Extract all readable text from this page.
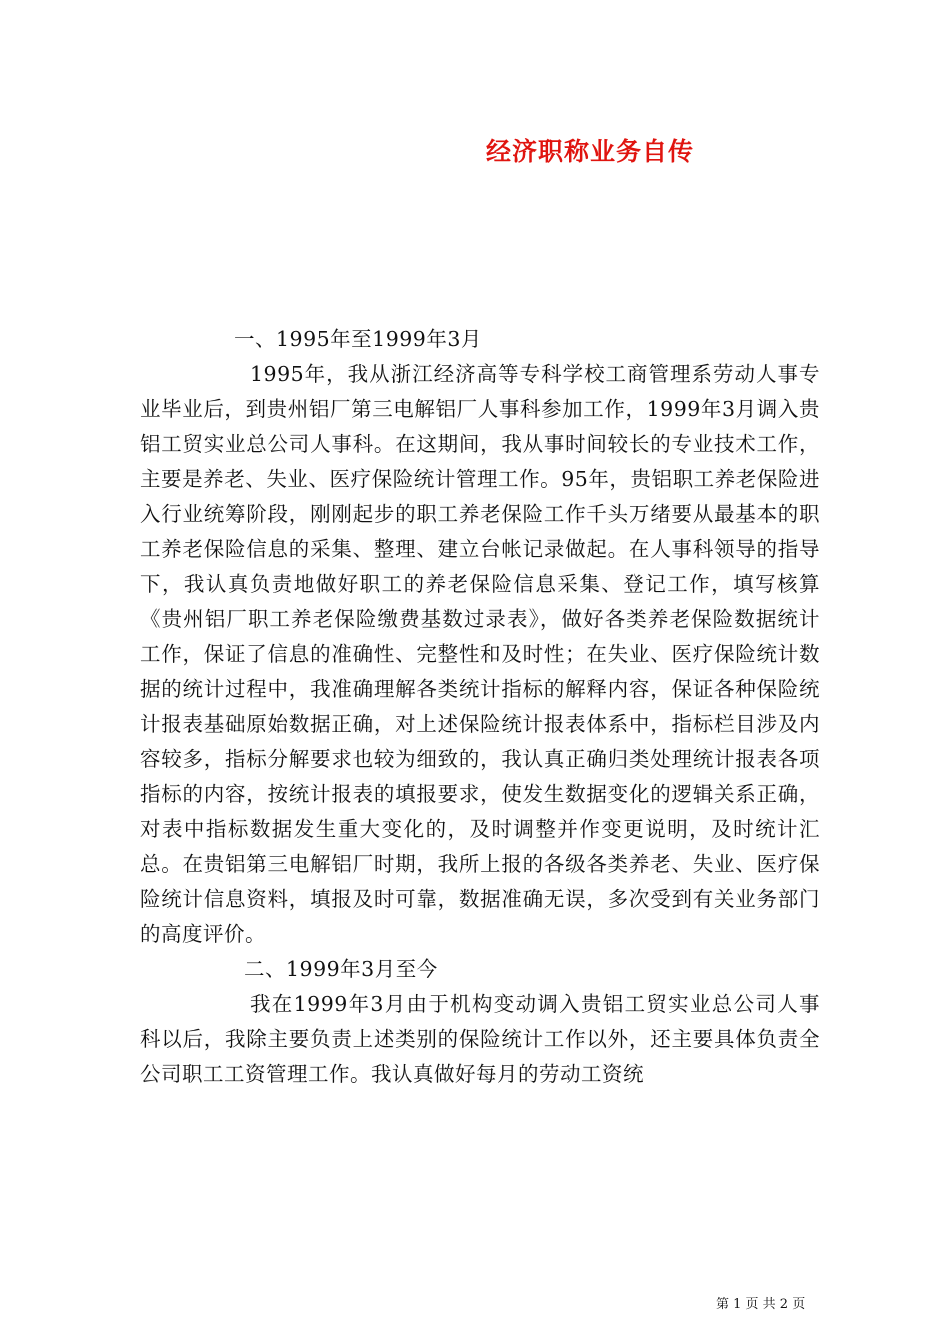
经济职称业务自传

一、1995年至1999年3月

1995年，我从浙江经济高等专科学校工商管理系劳动人事专业毕业后，到贵州铝厂第三电解铝厂人事科参加工作，1999年3月调入贵铝工贸实业总公司人事科。在这期间，我从事时间较长的专业技术工作，主要是养老、失业、医疗保险统计管理工作。95年，贵铝职工养老保险进入行业统筹阶段，刚刚起步的职工养老保险工作千头万绪要从最基本的职工养老保险信息的采集、整理、建立台帐记录做起。在人事科领导的指导下，我认真负责地做好职工的养老保险信息采集、登记工作，填写核算《贵州铝厂职工养老保险缴费基数过录表》，做好各类养老保险数据统计工作，保证了信息的准确性、完整性和及时性；在失业、医疗保险统计数据的统计过程中，我准确理解各类统计指标的解释内容，保证各种保险统计报表基础原始数据正确，对上述保险统计报表体系中，指标栏目涉及内容较多，指标分解要求也较为细致的，我认真正确归类处理统计报表各项指标的内容，按统计报表的填报要求，使发生数据变化的逻辑关系正确，对表中指标数据发生重大变化的，及时调整并作变更说明，及时统计汇总。在贵铝第三电解铝厂时期，我所上报的各级各类养老、失业、医疗保险统计信息资料，填报及时可靠，数据准确无误，多次受到有关业务部门的高度评价。

二、1999年3月至今

我在1999年3月由于机构变动调入贵铝工贸实业总公司人事科以后，我除主要负责上述类别的保险统计工作以外，还主要具体负责全公司职工工资管理工作。我认真做好每月的劳动工资统

第 1 页 共 2 页
